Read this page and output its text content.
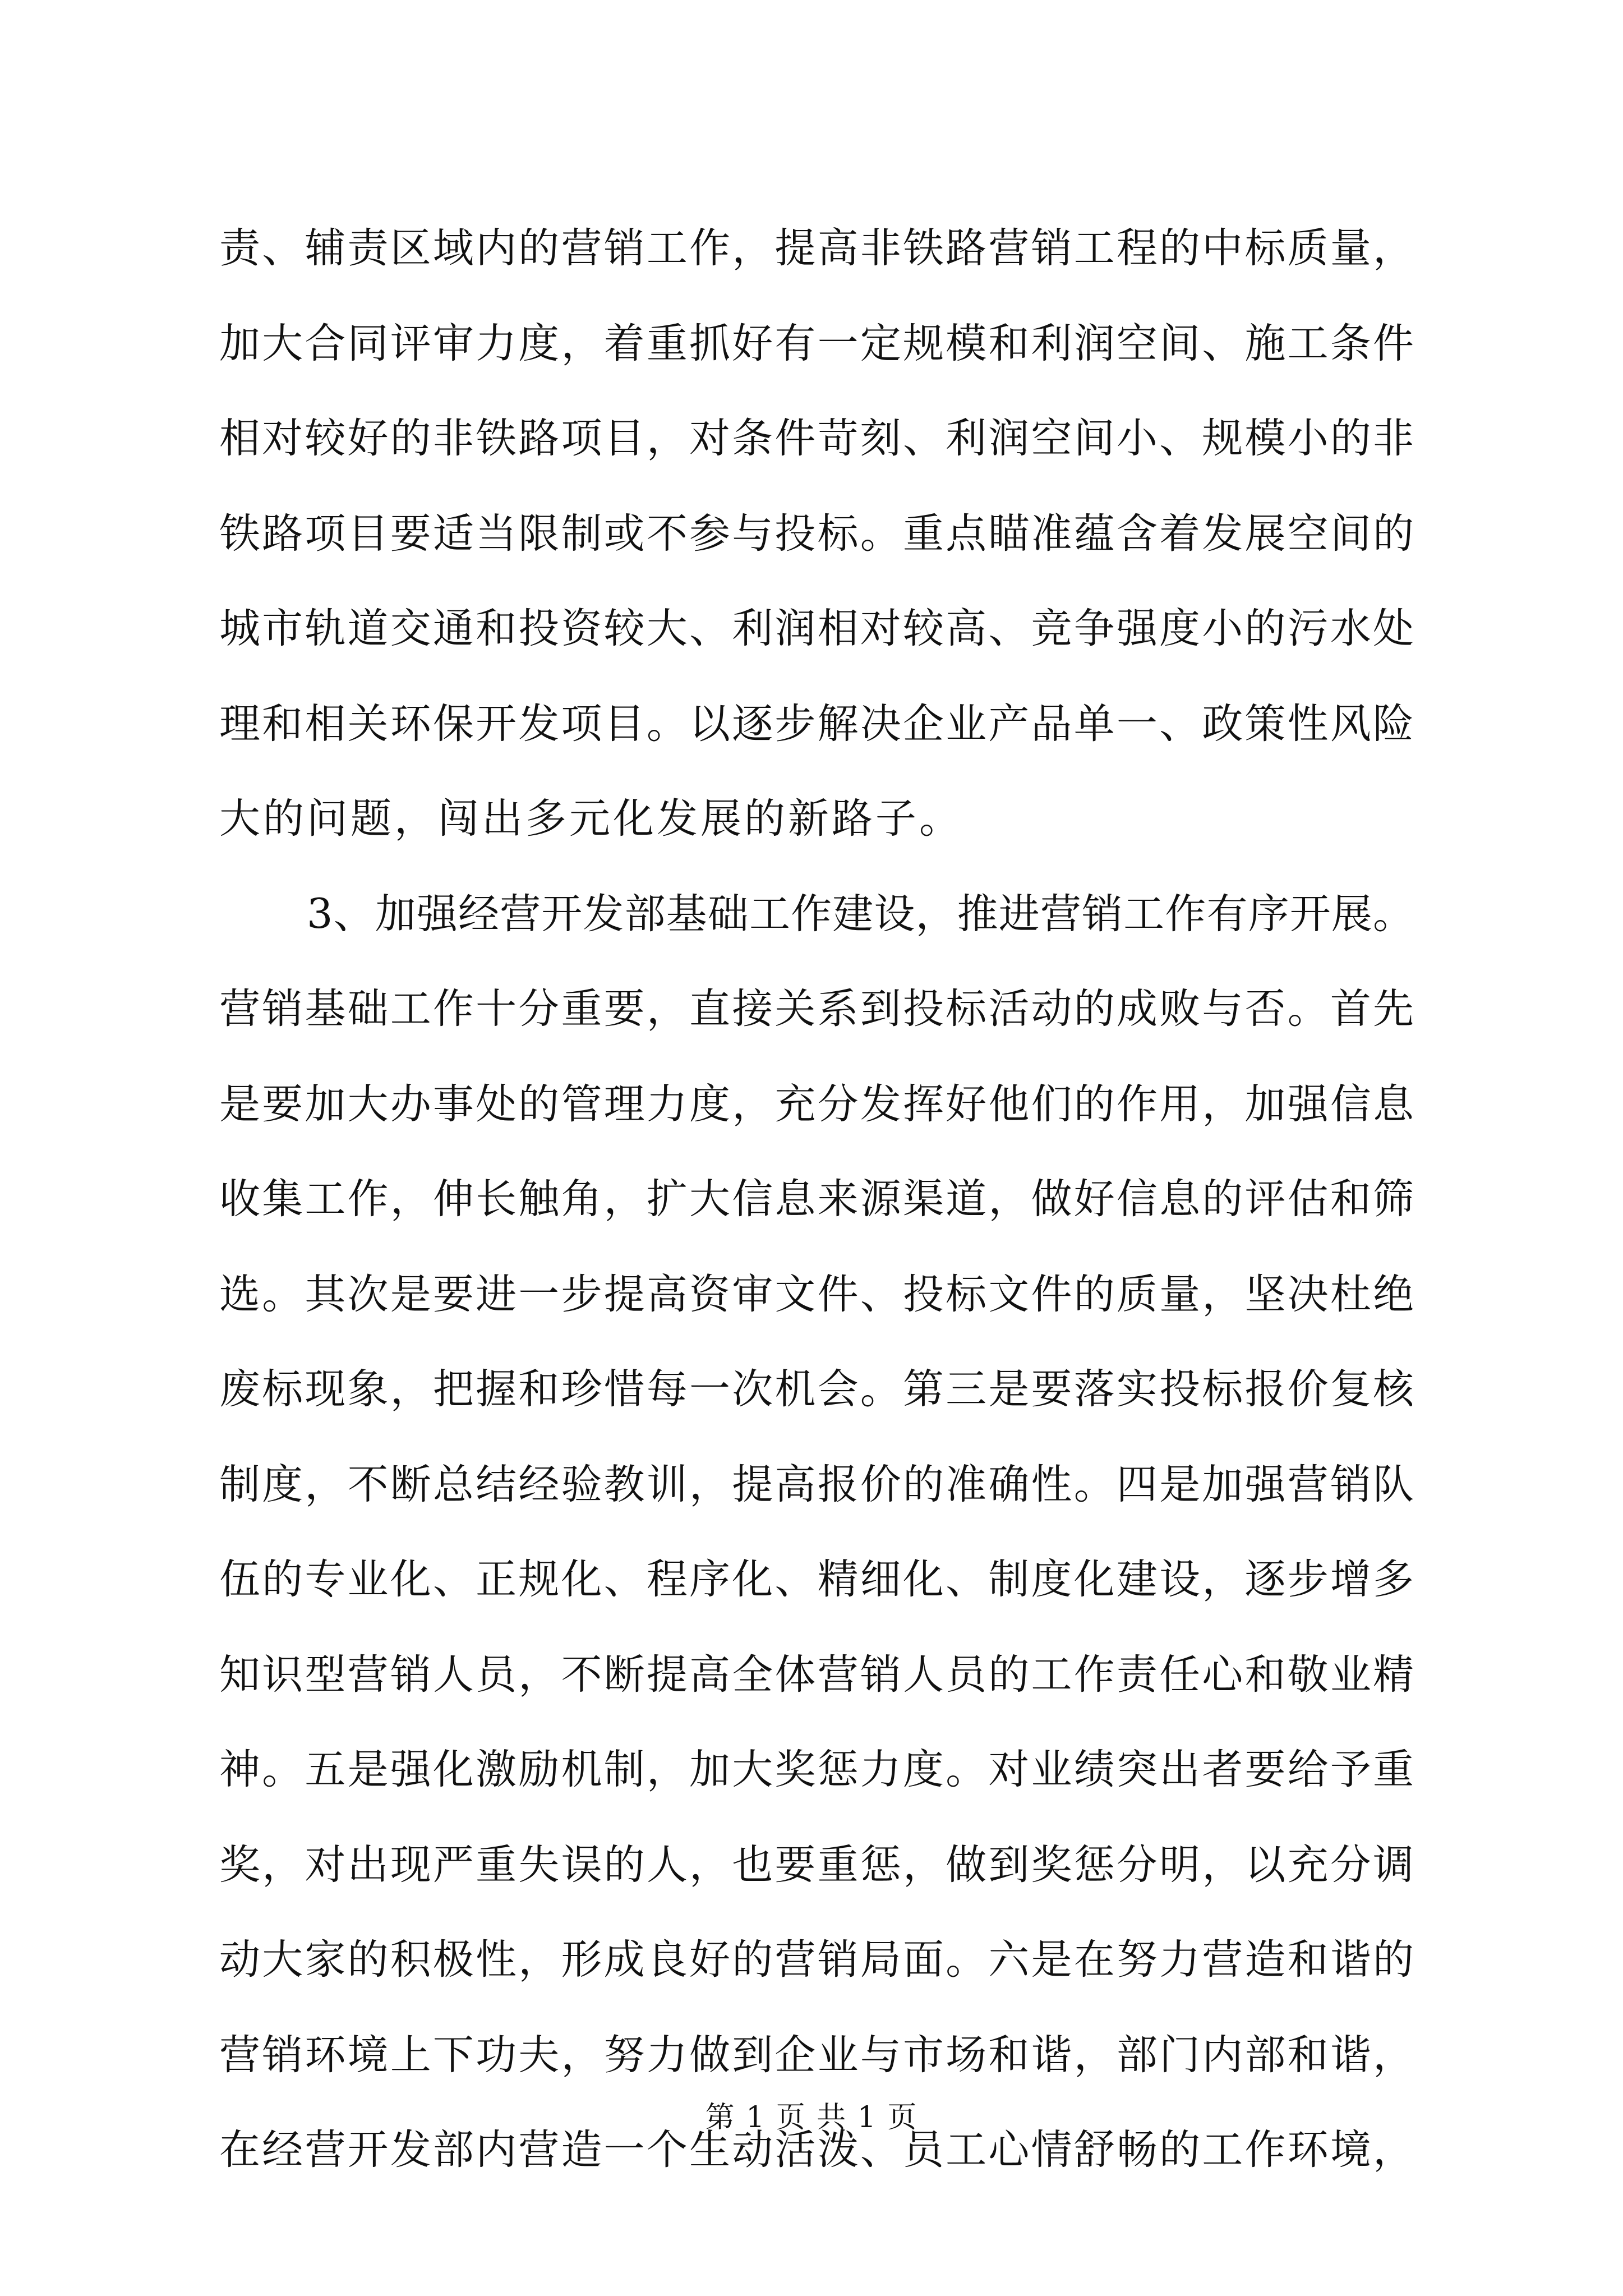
责、辅责区域内的营销工作，提高非铁路营销工程的中标质量，
加大合同评审力度，着重抓好有一定规模和利润空间、施工条件
相对较好的非铁路项目，对条件苛刻、利润空间小、规模小的非
铁路项目要适当限制或不参与投标。重点瞄准蕴含着发展空间的
城市轨道交通和投资较大、利润相对较高、竞争强度小的污水处
理和相关环保开发项目。以逐步解决企业产品单一、政策性风险
大的问题，闯出多元化发展的新路子。
3、加强经营开发部基础工作建设，推进营销工作有序开展。
营销基础工作十分重要，直接关系到投标活动的成败与否。首先
是要加大办事处的管理力度，充分发挥好他们的作用，加强信息
收集工作，伸长触角，扩大信息来源渠道，做好信息的评估和筛
选。其次是要进一步提高资审文件、投标文件的质量，坚决杜绝
废标现象，把握和珍惜每一次机会。第三是要落实投标报价复核
制度，不断总结经验教训，提高报价的准确性。四是加强营销队
伍的专业化、正规化、程序化、精细化、制度化建设，逐步增多
知识型营销人员，不断提高全体营销人员的工作责任心和敬业精
神。五是强化激励机制，加大奖惩力度。对业绩突出者要给予重
奖，对出现严重失误的人，也要重惩，做到奖惩分明，以充分调
动大家的积极性，形成良好的营销局面。六是在努力营造和谐的
营销环境上下功夫，努力做到企业与市场和谐，部门内部和谐，
在经营开发部内营造一个生动活泼、员工心情舒畅的工作环境，
第 1 页 共 1 页
